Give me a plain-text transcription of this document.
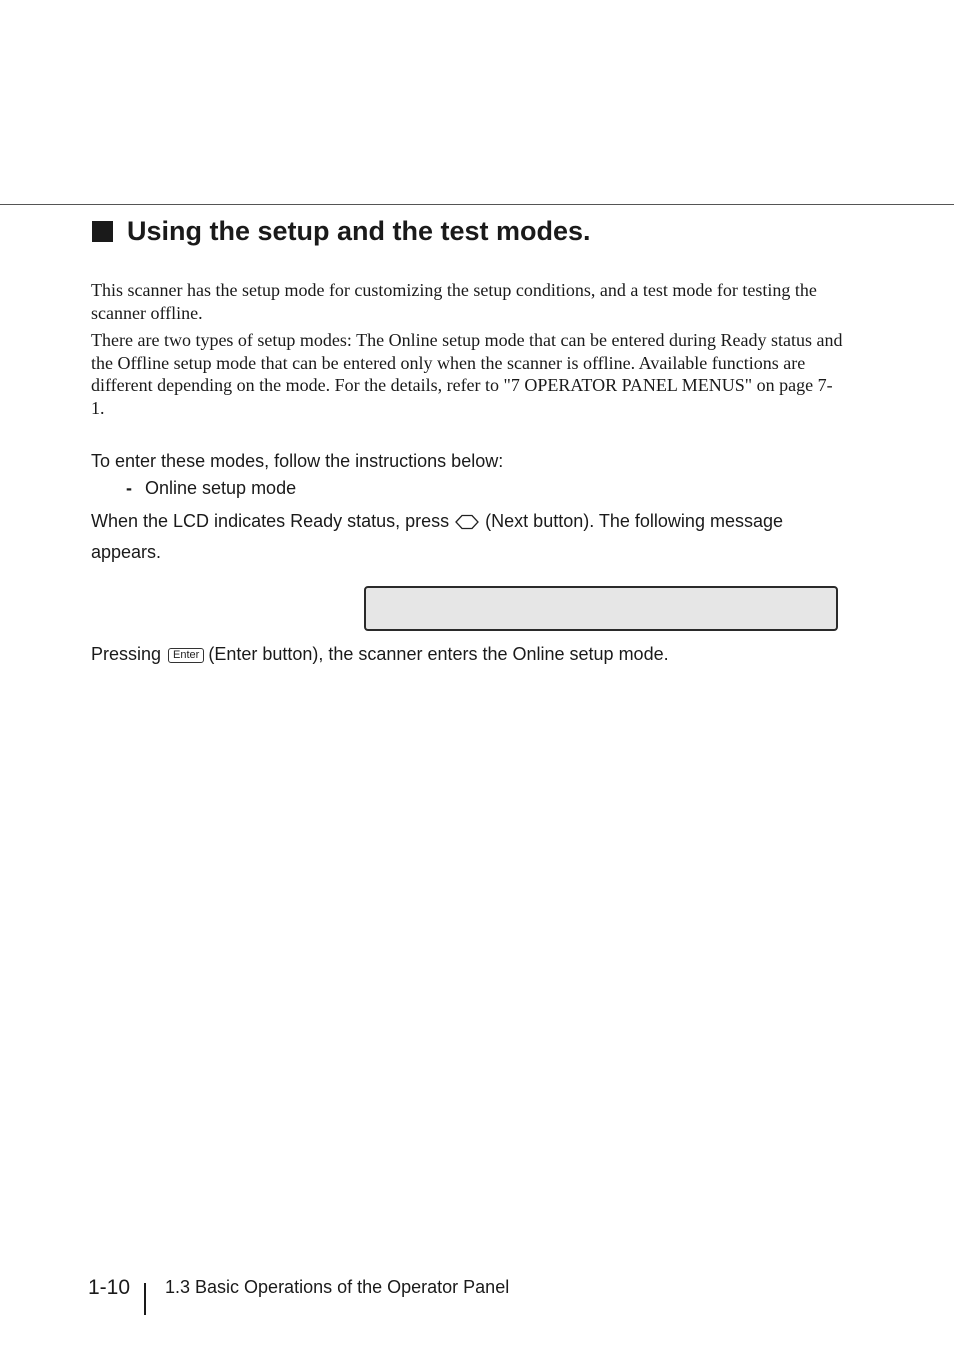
Using the setup and the test modes.

This scanner has the setup mode for customizing the setup conditions, and a test mode for testing the scanner offline.

There are two types of setup modes: The Online setup mode that can be entered during Ready status and the Offline setup mode that can be entered only when the scanner is offline. Available functions are different depending on the mode. For the details, refer to "7 OPERATOR PANEL MENUS" on page 7-1.

To enter these modes, follow the instructions below:

- Online setup mode

When the LCD indicates Ready status, press (Next button). The following message appears.

Pressing Enter (Enter button), the scanner enters the Online setup mode.

1-10 1.3 Basic Operations of the Operator Panel
